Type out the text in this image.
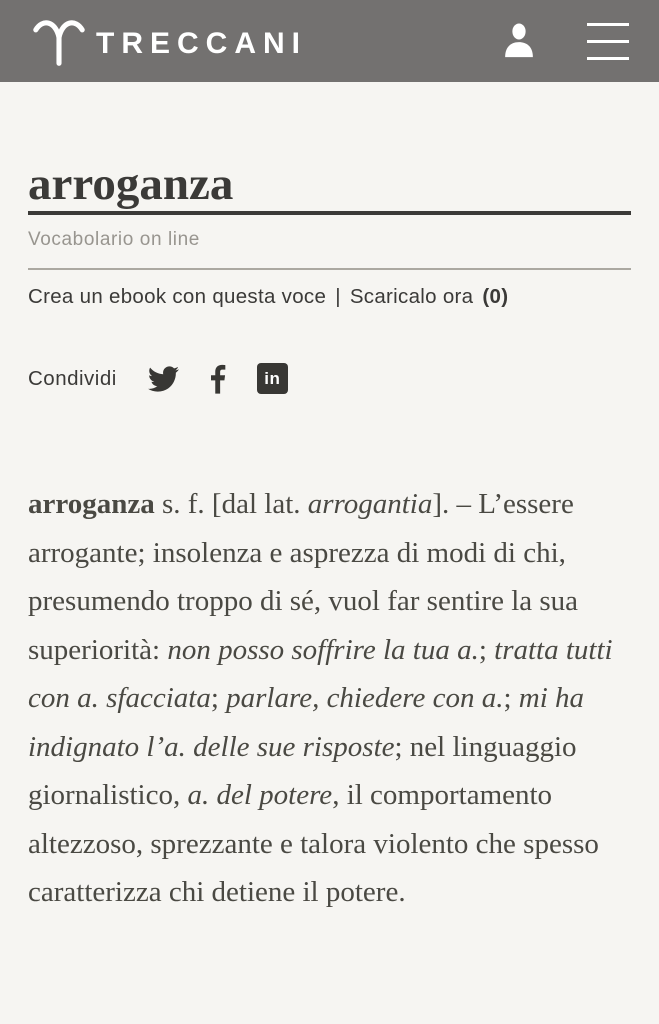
TRECCANI
arroganza
Vocabolario on line
Crea un ebook con questa voce | Scaricalo ora (0)
Condividi	in

arroganza s. f. [dal lat. arrogantia]. – L’essere arrogante; insolenza e asprezza di modi di chi, presumendo troppo di sé, vuol far sentire la sua superiorità: non posso soffrire la tua a.; tratta tutti con a. sfacciata; parlare, chiedere con a.; mi ha indignato l’a. delle sue risposte; nel linguaggio giornalistico, a. del potere, il comportamento altezzoso, sprezzante e talora violento che spesso caratterizza chi detiene il potere.
